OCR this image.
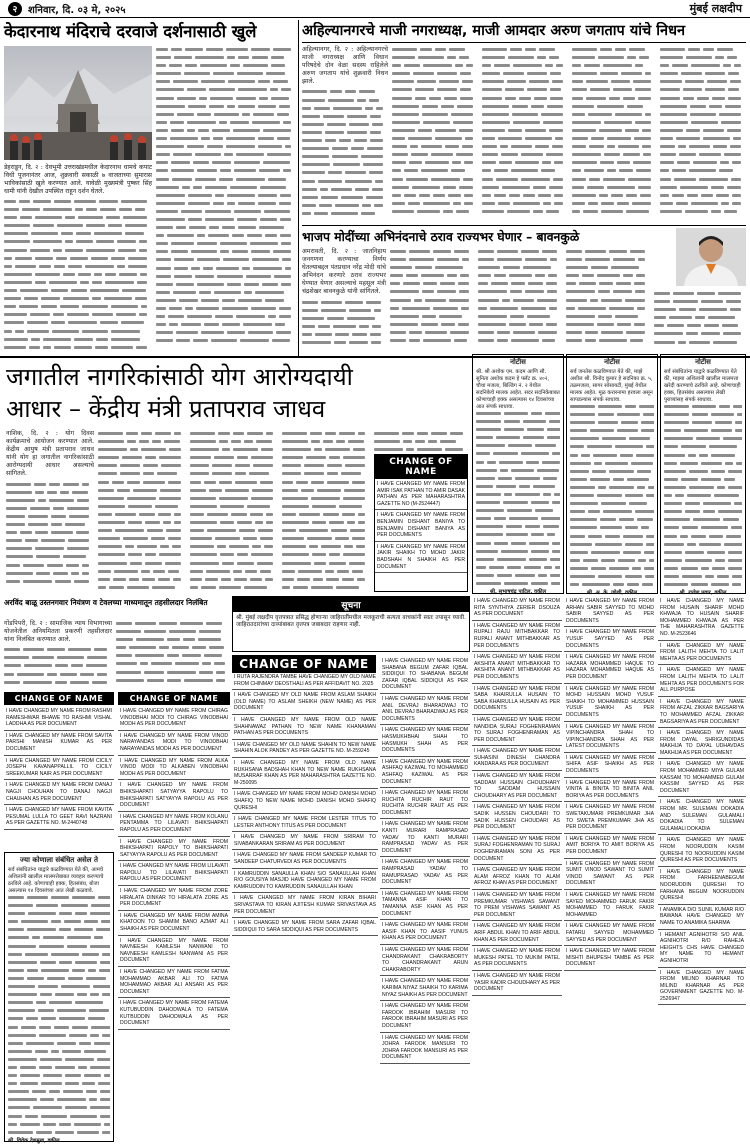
२	शनिवार, दि. ०३ मे, २०२५	मुंबई लक्षदीप
केदारनाथ मंदिराचे दरवाजे दर्शनासाठी खुले

डेहराडून, दि. २ : देवभूमी उत्तराखंडमधील केदारनाथ धामचे कपाट विधी पूजनानंतर आज, शुक्रवारी सकाळी ७ वाजताच्या सुमारास भाविकांसाठी खुले करण्यात आले. यावेळी मुख्यमंत्री पुष्कर सिंह धामी यांनी देखील उपस्थित राहून दर्शन घेतले.

अहिल्यानगरचे माजी नगराध्यक्ष, माजी आमदार अरुण जगताप यांचे निधन

अहिल्यानगर, दि. २ : अहिल्यानगरचे माजी नगराध्यक्ष आणि विधान परिषदेचे दोन वेळा सदस्य राहिलेले अरुण जगताप यांचे शुक्रवारी निधन झाले.

भाजप मोदींच्या अभिनंदनाचे ठराव राज्यभर घेणार – बावनकुळे

अमरावती, दि. २ : जातनिहाय जनगणना करण्याचा निर्णय घेतल्याबद्दल पंतप्रधान नरेंद्र मोदी यांचे अभिनंदन करणारे ठराव राज्यभर घेण्यात येणार असल्याचे महसूल मंत्री चंद्रशेखर बावनकुळे यांनी सांगितले.

जगातील नागरिकांसाठी योग आरोग्यदायी
आधार – केंद्रीय मंत्री प्रतापराव जाधव

नाशिक, दि. २ : योग दिवस कार्यक्रमाचे आयोजन करण्यात आले. केंद्रीय आयुष मंत्री प्रतापराव जाधव यांनी योग हा जगातील नागरिकांसाठी आरोग्यदायी आधार असल्याचे सांगितले.

CHANGE OF NAME
I HAVE CHANGED MY NAME FROM AMIR ISAK PATHAN TO AMIR DASAK PATHAN AS PER MAHARASHTRA GAZETTE NO (M-2524447)
I HAVE CHANGED MY NAME FROM BENJAMIN DISHANT BANIYA TO BENJAMIN DISHANT BANIYA AS PER DOCUMENTS
I HAVE CHANGED MY NAME FROM JAKIR SHAIKH TO MOHD JAKIR BADSHAH N SHAIKH AS PER DOCUMENT
नोटीस

श्री. श्री अशोक एम. कदम आणि सौ. सुनिता अशोक कदम हे फ्लॅट क्र. ४०२, चौथा मजला, बिल्डिंग नं. २ येथील सदनिकेचे मालक आहेत. सदर सदनिकेबाबत कोणाचाही हक्क असल्यास १४ दिवसांच्या आत संपर्क साधावा.

श्री. सुभाषचंद्र पाटिल, वकील

नोटीस

सर्व जनतेस कळविण्यात येते की, माझे अशील श्री. विनोद कुमार हे सदनिका क्र. ५, तळमजला, सागर सोसायटी, मुंबई येथील मालक आहेत. मूळ करारनामा हरवला असून सापडल्यास संपर्क साधावा.

श्री. अ. के. जोशी, वकील

नोटीस

सर्व संबंधितांना याद्वारे कळविण्यात येते की, माझ्या अशिलांनी खालील मालमत्ता खरेदी करण्याचे ठरविले आहे. कोणाचाही हक्क, हितसंबंध असल्यास लेखी पुराव्यांसह संपर्क साधावा.

श्री. राजेश पवार, वकील

सूचना

श्री. मुंबई लक्षदीप वृत्तपत्रात प्रसिद्ध होणाऱ्या जाहिरातींमधील मजकूराची सत्यता वाचकांनी स्वतः तपासून घ्यावी. जाहिरातदारांच्या दाव्यांबाबत वृत्तपत्र जबाबदार राहणार नाही.

अरविंद बाळू उस्तनगवार नियंत्रण व टेवलच्या माध्यमातून तहसीलदार निलंबित

गोंडपिपरी, दि. २ : सामाजिक न्याय विभागाच्या योजनेतील अनियमितता प्रकरणी तहसीलदार यांना निलंबित करण्यात आले.

CHANGE OF NAME
CHANGE OF NAME	CHANGE OF NAME
I HAVE CHANGED MY NAME FROM RASHMI RAMESHWAR BHAWE TO RASHMI VISHAL LADDHA AS PER DOCUMENT
I HAVE CHANGED MY NAME FROM SAVITA PARSHI MANISH KUMAR AS PER DOCUMENT
I HAVE CHANGED MY NAME FROM CICILY JOSEPH KAVANAPPALLIL TO CICILY SREEKUMAR NAIR AS PER DOCUMENT
I HAVE CHANGED MY NAME FROM DANAJ NAGJI CHOUHAN TO DANAJ NAGJI CHAUHAN AS PER DOCUMENT
I HAVE CHANGED MY NAME FROM KAVITA PESUMAL LULLA TO GEET RAVI NAZRANI AS PER GAZETTE NO. M-2440748
I HAVE CHANGED MY NAME FROM CHIRAG VINODBHAI MODI TO CHIRAG VINODBHAI MODH AS PER DOCUMENT
I HAVE CHANGED MY NAME FROM VINOD NARAYANDAS MODI TO VINODBHAI NARAYANDAS MODH AS PER DOCUMENT
I HAVE CHANGED MY NAME FROM ALKA VINOD MODI TO ALKABEN VINODBHAI MODH AS PER DOCUMENT
I HAVE CHANGED MY NAME FROM BHIKSHAPATI SATYAYYA RAPOLU TO BHIKSHAPATI SATYAYYA RAPOLU AS PER DOCUMENT
I HAVE CHANGED MY NAME FROM KOLANU PENTAMMA TO LILAVATI BHIKSHAPATI RAPOLU AS PER DOCUMENT
I HAVE CHANGED MY NAME FROM BHIKSHAPATI RAPOLY TO BHIKSHAPATI SATYAYYA RAPOLU AS PER DOCUMENT
I HAVE CHANGED MY NAME FROM LILAVATI RAPOLU TO LILAVATI BHIKSHAPATI RAPOLU AS PER DOCUMENT
I HAVE CHANGED MY NAME FROM ZORE HIRALATA DINKAR TO HIRALATA ZORE AS PER DOCUMENT
I HAVE CHANGED MY NAME FROM AMINA KHATOON TO SHAMIM BANO AZMAT ALI SHAIKH AS PER DOCUMENT
I HAVE CHANGED MY NAME FROM NAVNEESH KAMLESH NANWANI TO NAVNEESH KAMLESH NANWANI AS PER DOCUMENT
I HAVE CHANGED MY NAME FROM FATMA MOHAMMAD AKBAR ALI TO FATMA MOHAMMAD AKBAR ALI ANSARI AS PER DOCUMENT
I HAVE CHANGED MY NAME FROM FATEMA KUTUBUDDIN DAHODWALA TO FATEMA KUTBUDDIN DAHODWALA AS PER DOCUMENT
ज्या कोणाला संबंधित असेल ते

सर्व संबंधितांना याद्वारे कळविण्यात येते की, आमचे अशिलांनी खालील मालमत्तेबाबत व्यवहार करण्याचे ठरविले आहे. कोणाचाही हक्क, हितसंबंध, बोजा असल्यास १४ दिवसांच्या आत लेखी कळवावे.

श्री. विवेक देशमुख, वकील

I RUTA RAJENDRA TAMBE HAVE CHANGED MY OLD NAME FROM CHINMAY DEOSTHALI AS PER AFFIDAVIT NO. 2025
I HAVE CHANGED MY OLD NAME FROM ASLAM SHAIKH (OLD NAME) TO ASLAM SHEIKH (NEW NAME) AS PER DOCUMENT
I HAVE CHANGED MY NAME FROM OLD NAME SHAHNAWAZ PATHAN TO NEW NAME KHANAMAN PATHAN AS PER DOCUMENTS
I HAVE CHANGED MY OLD NAME SHAHIN TO NEW NAME SHAHIN ALOK PANDEY AS PER GAZETTE NO. M-259245
I HAVE CHANGED MY NAME FROM OLD NAME RUKHSANA BADSHAH KHAN TO NEW NAME RUKHSANA MUSARRAF KHAN AS PER MAHARASHTRA GAZETTE NO. M-250095
I HAVE CHANGED MY NAME FROM MOHD DANISH MOHD SHAFIQ TO NEW NAME MOHD DANISH MOHD SHAFIQ QURESHI
I HAVE CHANGED MY NAME FROM LESTER TITUS TO LESTER ANTHONY TITUS AS PER DOCUMENT
I HAVE CHANGED MY NAME FROM SRIRAM TO SIVABANKARAN SRIRAM AS PER DOCUMENT
I HAVE CHANGED MY NAME FROM SANDEEP KUMAR TO SANDEEP CHATURVEDI AS PER DOCUMENTS
I KAMRUDDIN SANAULLA KHAN S/O SANAULLAH KHAN R/O GOUSIYA MASJID HAVE CHANGED MY NAME FROM KAMRUDDIN TO KAMRUDDIN SANAULLAH KHAN
I HAVE CHANGED MY NAME FROM KIRAN BIHARI SRIVASTAVA TO KIRAN AJITESH KUMAR SRIVASTAVA AS PER DOCUMENT
I HAVE CHANGED MY NAME FROM SARA ZAFAR IQBAL SIDDIQUI TO SARA SIDDIQUI AS PER DOCUMENTS
I HAVE CHANGED MY NAME FROM SHABANA BEGUM ZAFAR IQBAL SIDDIQUI TO SHABANA BEGUM ZAFAR IQBAL SIDDIQUI AS PER DOCUMENT
I HAVE CHANGED MY NAME FROM ANIL DEVRAJ BHARADWAJ TO ANIL DEVRAJ BHARADWAJ AS PER DOCUMENTS
I HAVE CHANGED MY NAME FROM HASMUKHBHAI SHAH TO HASMUKH SHAH AS PER DOCUMENTS
I HAVE CHANGED MY NAME FROM ASHFAQ KAZIWAL TO MOHAMMED ASHFAQ KAZIWAL AS PER DOCUMENT
I HAVE CHANGED MY NAME FROM RUCHITA RUCHIR RAUT TO RUCHITA RUCHIR RAUT AS PER DOCUMENT
I HAVE CHANGED MY NAME FROM KANTI MURARI RAMPRASAD YADAV TO KANTI MURARI RAMPRASAD YADAV AS PER DOCUMENT
I HAVE CHANGED MY NAME FROM RAMPRASAD YADAV TO RAMUPRASAD YADAV AS PER DOCUMENT
I HAVE CHANGED MY NAME FROM TAMANNA ASIF KHAN TO TAMANNA ASIF KHAN AS PER DOCUMENT
I HAVE CHANGED MY NAME FROM AASIF KHAN TO AASIF YUNUS KHAN AS PER DOCUMENT
I HAVE CHANGED MY NAME FROM CHANDRAKANT CHAKRABORTY TO CHANDRAKANT ARUN CHAKRABORTY
I HAVE CHANGED MY NAME FROM KARIMA NIYAZ SHAIKH TO KARIMA NIYAZ SHAIKH AS PER DOCUMENT
I HAVE CHANGED MY NAME FROM FAROOK IBRAHIM MASURI TO FAROOK IBRAHIM MASURI AS PER DOCUMENT
I HAVE CHANGED MY NAME FROM JOHRA FAROOK MANSURI TO JOHRA FAROOK MANSURI AS PER DOCUMENT
I HAVE CHANGED MY NAME FROM RITA SYNTHIYA ZERIER DSOUZA AS PER DOCUMENT
I HAVE CHANGED MY NAME FROM RUPALI RAJU MITHBAKKAR TO RUPALI ANANT MITHBAKKAR AS PER DOCUMENTS
I HAVE CHANGED MY NAME FROM AKSHITA ANANT MITHBAKKAR TO AKSHITA ANANT MITHBAKKAR AS PER DOCUMENTS
I HAVE CHANGED MY NAME FROM SABA KHAIRULLA HUSAIN TO SABA KHAIRULLA HUSAIN AS PER DOCUMENTS
I HAVE CHANGED MY NAME FROM NANDIDA SURAJ FOGHENRAMAN TO SURAJ FOGHENRAMAN AS PER DOCUMENT
I HAVE CHANGED MY NAME FROM SUHASINI DINESH CHANDRA KANDARA AS PER DOCUMENT
I HAVE CHANGED MY NAME FROM SADDAM HUSSAIN CHOUDHARY TO SADDAM HUSSAIN CHOUDHARY AS PER DOCUMENT
I HAVE CHANGED MY NAME FROM SADIK HUSSEN CHOUDARI TO SADIK HUSSEN CHOUDARI AS PER DOCUMENT
I HAVE CHANGED MY NAME FROM SURAJ FOGHENRAMAN TO SURAJ FOGHENRAMAN SONI AS PER DOCUMENT
I HAVE CHANGED MY NAME FROM ALAM AFROZ KHAN TO ALAM AFROZ KHAN AS PER DOCUMENT
I HAVE CHANGED MY NAME FROM PREMKUMAR VISHWAS SAWANT TO PREM VISHWAS SAWANT AS PER DOCUMENT
I HAVE CHANGED MY NAME FROM ARIF ABDUL KHAN TO ARIF ABDUL KHAN AS PER DOCUMENT
I HAVE CHANGED MY NAME FROM MUKESH PATEL TO MUKIM PATEL AS PER DOCUMENTS
I HAVE CHANGED MY NAME FROM YASIR KADIR CHOUDHARY AS PER DOCUMENT
I HAVE CHANGED MY NAME FROM ARHAN SABIR SAYYED TO MOHD SABIR SAYYED AS PER DOCUMENTS
I HAVE CHANGED MY NAME FROM YUSUF SAYYED AS PER DOCUMENTS
I HAVE CHANGED MY NAME FROM HAZARA MOHAMMED HAQUE TO HAZARA MOHAMMED HAQUE AS PER DOCUMENT
I HAVE CHANGED MY NAME FROM MOHD HUSSAIN MOHD YUSUF SHAIKH TO MOHAMMED HUSSAIN YUSUF SHAIKH AS PER DOCUMENTS
I HAVE CHANGED MY NAME FROM VIPINCHANDRA SHAH TO VIPINCHANDRA SHAH AS PER LATEST DOCUMENTS
I HAVE CHANGED MY NAME FROM SHIFA ASIF SHAIKH AS PER DOCUMENTS
I HAVE CHANGED MY NAME FROM VINITA & BINITA TO BINITA ANIL BORIYA AS PER DOCUMENTS
I HAVE CHANGED MY NAME FROM SWETAKUMARI PREMKUMAR JHA TO SWETA PREMKUMAR JHA AS PER DOCUMENT
I HAVE CHANGED MY NAME FROM AMIT BORIYA TO AMIT BORIYA AS PER DOCUMENT
I HAVE CHANGED MY NAME FROM SUMIT VINOD SAWANT TO SUMIT VINOD SAWANT AS PER DOCUMENT
I HAVE CHANGED MY NAME FROM SAYED MOHAMMED FARUK FAKIR MOHAMMED TO FARUK FAKIR MOHAMMED
I HAVE CHANGED MY NAME FROM FATARU SAYYED MOHAMMED SAYYED AS PER DOCUMENT
I HAVE CHANGED MY NAME FROM MISHTI BHUPESH TAMBE AS PER DOCUMENT
I HAVE CHANGED MY NAME FROM HUSAIN SHARIF MOHD KHWAJA TO HUSAIN SHARIF MOHAMMED KHWAJA AS PER THE MAHARASHTRA GAZETTE NO. M-2523646
I HAVE CHANGED MY NAME FROM LALITH MEHTA TO LALIT MEHTA AS PER DOCUMENTS
I HAVE CHANGED MY NAME FROM LALITH MEHTA TO LALIT MEHTA AS PER DOCUMENTS FOR ALL PURPOSE
I HAVE CHANGED MY NAME FROM AFZAL ZIKKAR BAGSARIYA TO MOHAMMED AFZAL ZIKKAR BAGSARIYA AS PER DOCUMENT
I HAVE CHANGED MY NAME FROM DAYAL SHRIGUNDIDAS MAKHIJA TO DAYAL UDHAVDAS MAKHIJA AS PER DOCUMENT
I HAVE CHANGED MY NAME FROM MOHAMMED MIYA GULAM KASSAM TO MOHAMMED GULAM KASSIM SAYYED AS PER DOCUMENT
I HAVE CHANGED MY NAME FROM MR. SULEMAN DOKADIA AND SULEMAN GULAMALI DOKADIA TO SULEMAN GULAMALI DOKADIA
I HAVE CHANGED MY NAME FROM NOORUDDIN KASIM QURESHI TO NOORUDDIN KASIM QURESHI AS PER DOCUMENTS
I HAVE CHANGED MY NAME FROM FARHEENABEGUM NOORUDDIN QURESHI TO FARHANA BEGUM NOORUDDIN QURESHI
I ANAMIKA D/O SUNIL KUMAR R/O BAWANA HAVE CHANGED MY NAME TO ANAMIKA SHARMA
I HEMANT AGNIHOTRI S/O ANIL AGNIHOTRI R/O RAHEJA HEIGHTS CHS HAVE CHANGED MY NAME TO HEMANT AGNIHOTRI
I HAVE CHANGED MY NAME FROM MILIND KHARNAR TO MILIND KHARNAR AS PER GOVERNMENT GAZETTE NO. M-2526947
